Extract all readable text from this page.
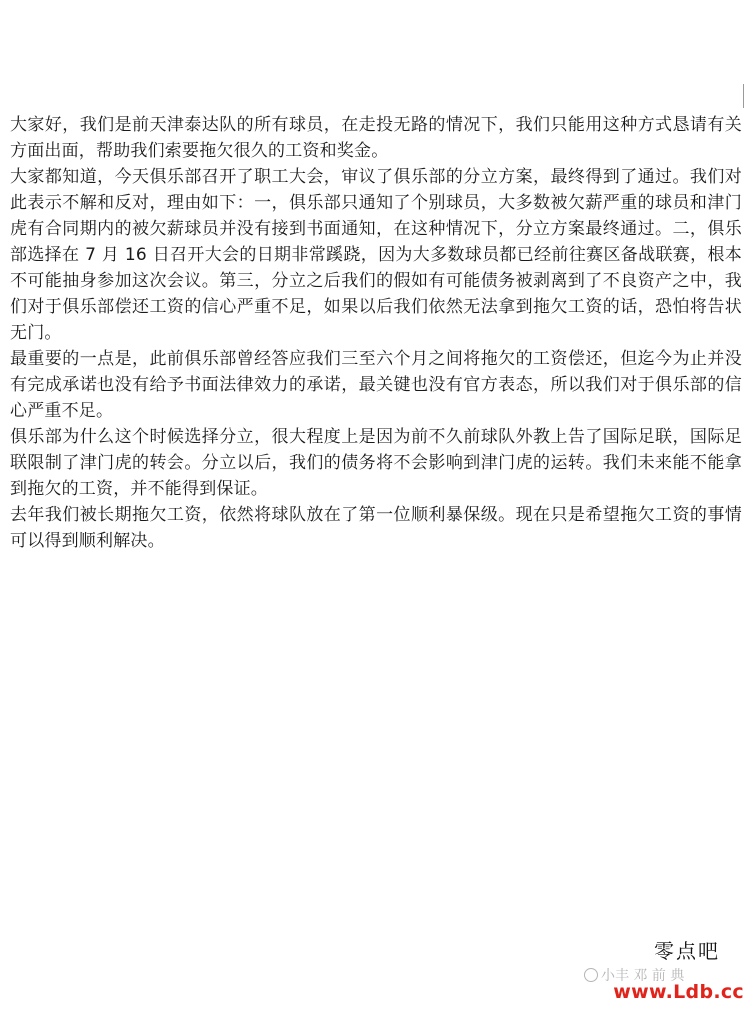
大家好，我们是前天津泰达队的所有球员，在走投无路的情况下，我们只能用这种方式恳请有关方面出面，帮助我们索要拖欠很久的工资和奖金。

大家都知道，今天俱乐部召开了职工大会，审议了俱乐部的分立方案，最终得到了通过。我们对此表示不解和反对，理由如下：一，俱乐部只通知了个别球员，大多数被欠薪严重的球员和津门虎有合同期内的被欠薪球员并没有接到书面通知，在这种情况下，分立方案最终通过。二，俱乐部选择在 7 月 16 日召开大会的日期非常蹊跷，因为大多数球员都已经前往赛区备战联赛，根本不可能抽身参加这次会议。第三，分立之后我们的假如有可能债务被剥离到了不良资产之中，我们对于俱乐部偿还工资的信心严重不足，如果以后我们依然无法拿到拖欠工资的话，恐怕将告状无门。

最重要的一点是，此前俱乐部曾经答应我们三至六个月之间将拖欠的工资偿还，但迄今为止并没有完成承诺也没有给予书面法律效力的承诺，最关键也没有官方表态，所以我们对于俱乐部的信心严重不足。

俱乐部为什么这个时候选择分立，很大程度上是因为前不久前球队外教上告了国际足联，国际足联限制了津门虎的转会。分立以后，我们的债务将不会影响到津门虎的运转。我们未来能不能拿到拖欠的工资，并不能得到保证。

去年我们被长期拖欠工资，依然将球队放在了第一位顺利暴保级。现在只是希望拖欠工资的事情可以得到顺利解决。

零点吧
小丰 邓 前 典
www.Ldb.cc
